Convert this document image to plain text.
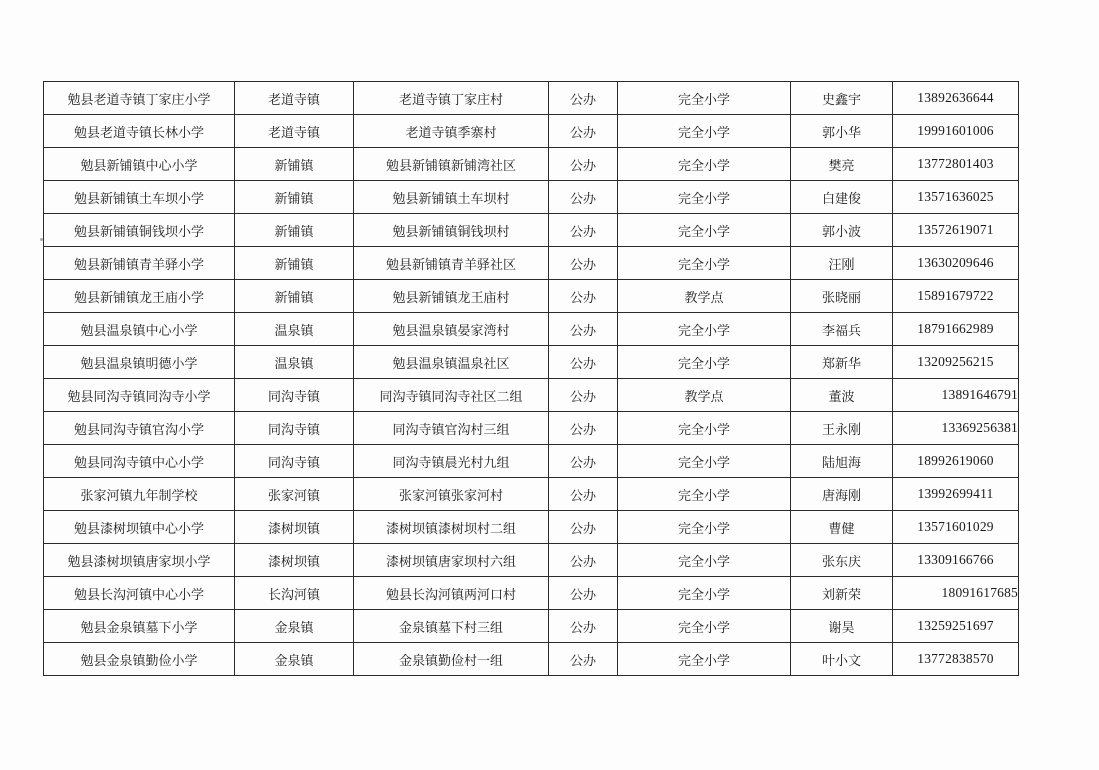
勉县老道寺镇丁家庄小学	老道寺镇	老道寺镇丁家庄村	公办	完全小学	史鑫宇	13892636644
勉县老道寺镇长林小学	老道寺镇	老道寺镇季寨村	公办	完全小学	郭小华	19991601006
勉县新铺镇中心小学	新铺镇	勉县新铺镇新铺湾社区	公办	完全小学	樊亮	13772801403
勉县新铺镇土车坝小学	新铺镇	勉县新铺镇土车坝村	公办	完全小学	白建俊	13571636025
勉县新铺镇铜钱坝小学	新铺镇	勉县新铺镇铜钱坝村	公办	完全小学	郭小波	13572619071
勉县新铺镇青羊驿小学	新铺镇	勉县新铺镇青羊驿社区	公办	完全小学	汪刚	13630209646
勉县新铺镇龙王庙小学	新铺镇	勉县新铺镇龙王庙村	公办	教学点	张晓丽	15891679722
勉县温泉镇中心小学	温泉镇	勉县温泉镇晏家湾村	公办	完全小学	李福兵	18791662989
勉县温泉镇明德小学	温泉镇	勉县温泉镇温泉社区	公办	完全小学	郑新华	13209256215
勉县同沟寺镇同沟寺小学	同沟寺镇	同沟寺镇同沟寺社区二组	公办	教学点	董波	13891646791
勉县同沟寺镇官沟小学	同沟寺镇	同沟寺镇官沟村三组	公办	完全小学	王永刚	13369256381
勉县同沟寺镇中心小学	同沟寺镇	同沟寺镇晨光村九组	公办	完全小学	陆旭海	18992619060
张家河镇九年制学校	张家河镇	张家河镇张家河村	公办	完全小学	唐海刚	13992699411
勉县漆树坝镇中心小学	漆树坝镇	漆树坝镇漆树坝村二组	公办	完全小学	曹健	13571601029
勉县漆树坝镇唐家坝小学	漆树坝镇	漆树坝镇唐家坝村六组	公办	完全小学	张东庆	13309166766
勉县长沟河镇中心小学	长沟河镇	勉县长沟河镇两河口村	公办	完全小学	刘新荣	18091617685
勉县金泉镇墓下小学	金泉镇	金泉镇墓下村三组	公办	完全小学	谢昊	13259251697
勉县金泉镇勤俭小学	金泉镇	金泉镇勤俭村一组	公办	完全小学	叶小文	13772838570
